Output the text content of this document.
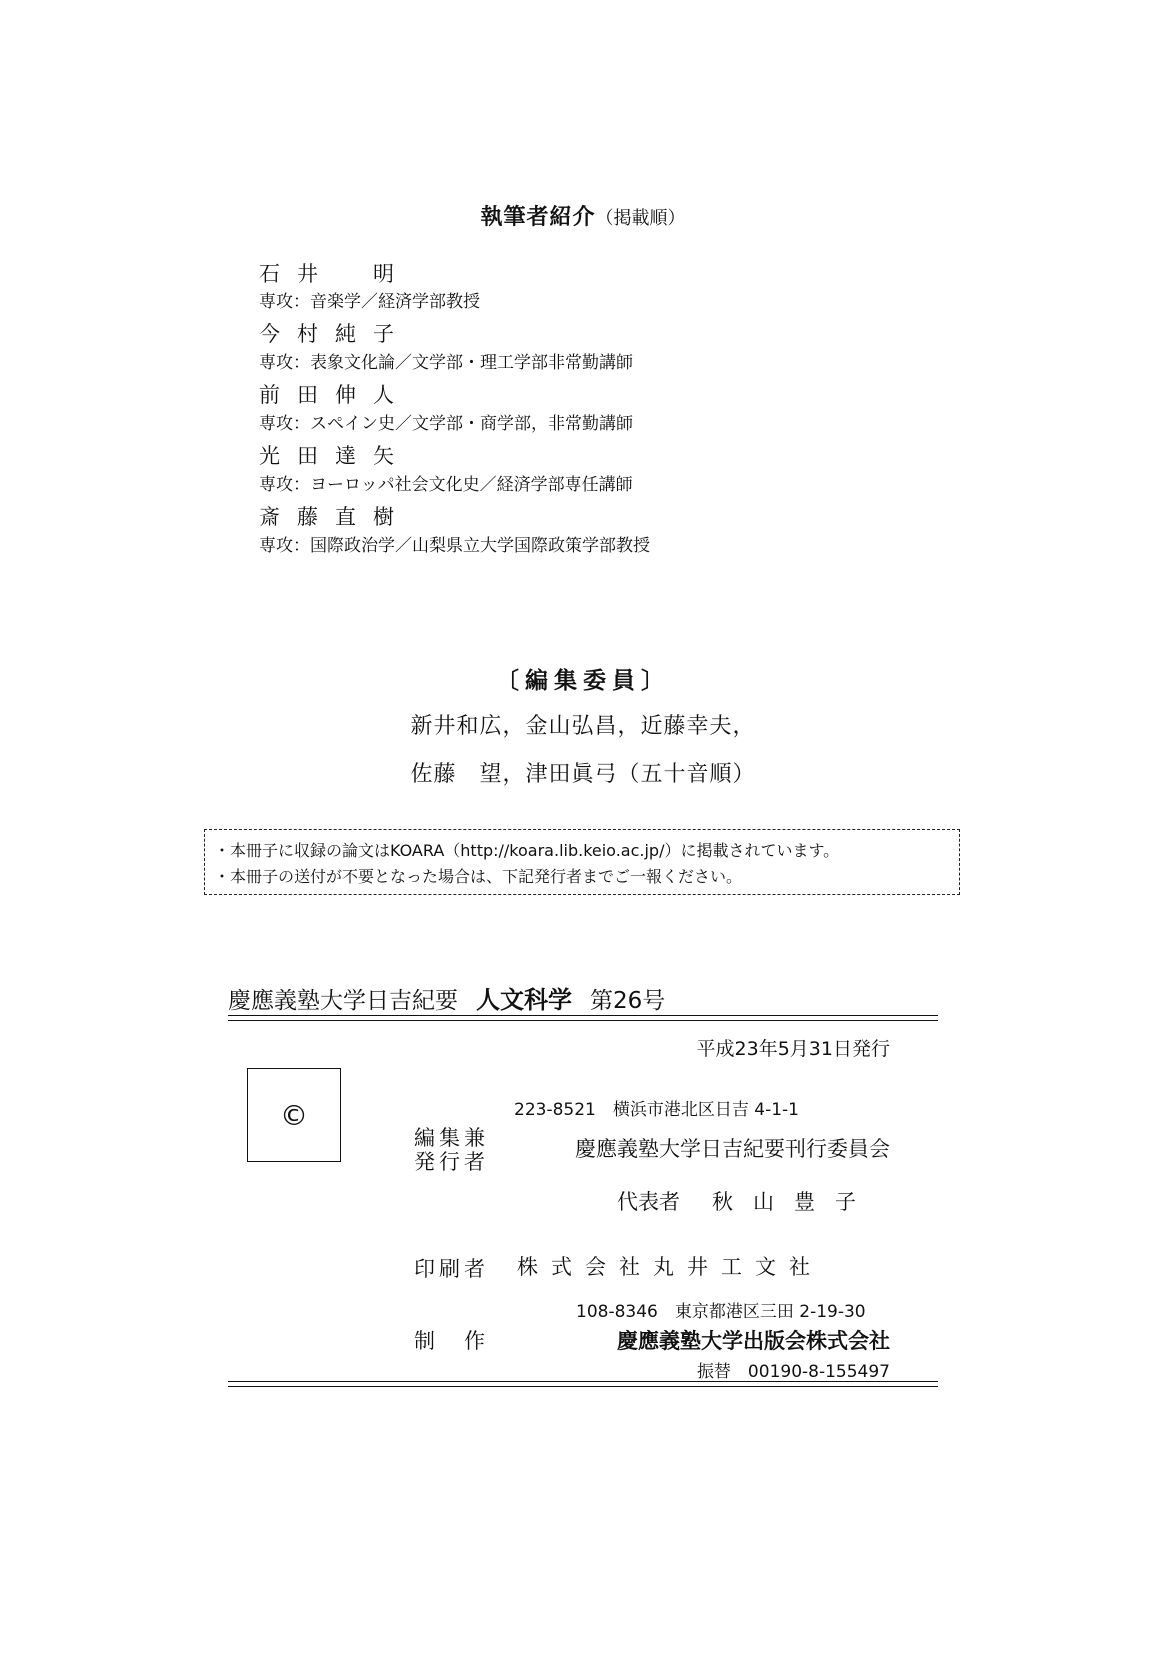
執筆者紹介（掲載順）
石井　明
専攻：音楽学／経済学部教授
今村純子
専攻：表象文化論／文学部・理工学部非常勤講師
前田伸人
専攻：スペイン史／文学部・商学部，非常勤講師
光田達矢
専攻：ヨーロッパ社会文化史／経済学部専任講師
斎藤直樹
専攻：国際政治学／山梨県立大学国際政策学部教授
〔編集委員〕
新井和広，金山弘昌，近藤幸夫，
佐藤　望，津田眞弓（五十音順）
・本冊子に収録の論文はKOARA（http://koara.lib.keio.ac.jp/）に掲載されています。
・本冊子の送付が不要となった場合は、下記発行者までご一報ください。
慶應義塾大学日吉紀要 人文科学 第26号
平成23年5月31日発行
©	223-8521　横浜市港北区日吉 4-1-1
編集兼
発行者
慶應義塾大学日吉紀要刊行委員会
代表者 秋山豊子
印刷者 株式会社丸井工文社
108-8346　東京都港区三田 2-19-30
制　作	慶應義塾大学出版会株式会社
振替　00190-8-155497
